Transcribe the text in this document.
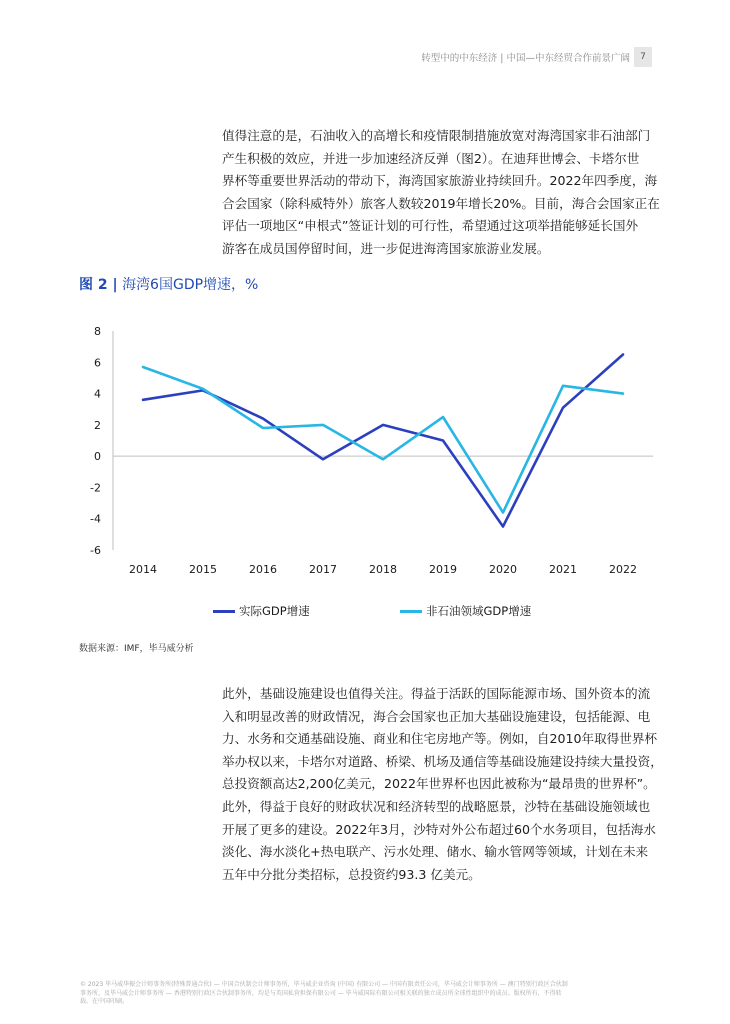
转型中的中东经济 | 中国—中东经贸合作前景广阔	7

值得注意的是，石油收入的高增长和疫情限制措施放宽对海湾国家非石油部门
产生积极的效应，并进一步加速经济反弹（图2）。在迪拜世博会、卡塔尔世
界杯等重要世界活动的带动下，海湾国家旅游业持续回升。2022年四季度，海
合会国家（除科威特外）旅客人数较2019年增长20%。目前，海合会国家正在
评估一项地区“申根式”签证计划的可行性，希望通过这项举措能够延长国外
游客在成员国停留时间，进一步促进海湾国家旅游业发展。

图 2 | 海湾6国GDP增速，%
8
6
4
2
0
-2
-4
-6
2014	2015	2016	2017	2018	2019	2020	2021	2022
实际GDP增速	非石油领域GDP增速
数据来源：IMF，毕马威分析

此外，基础设施建设也值得关注。得益于活跃的国际能源市场、国外资本的流
入和明显改善的财政情况，海合会国家也正加大基础设施建设，包括能源、电
力、水务和交通基础设施、商业和住宅房地产等。例如，自2010年取得世界杯
举办权以来，卡塔尔对道路、桥梁、机场及通信等基础设施建设持续大量投资，
总投资额高达2,200亿美元，2022年世界杯也因此被称为“最昂贵的世界杯”。
此外，得益于良好的财政状况和经济转型的战略愿景，沙特在基础设施领域也
开展了更多的建设。2022年3月，沙特对外公布超过60个水务项目，包括海水
淡化、海水淡化+热电联产、污水处理、储水、输水管网等领域，计划在未来
五年中分批分类招标，总投资约93.3 亿美元。

© 2023 毕马威华振会计师事务所(特殊普通合伙) — 中国合伙制会计师事务所，毕马威企业咨询 (中国) 有限公司 — 中国有限责任公司，毕马威会计师事务所 — 澳门特别行政区合伙制
事务所，及毕马威会计师事务所 — 香港特别行政区合伙制事务所，均是与英国私营担保有限公司 — 毕马威国际有限公司相关联的独立成员所全球性组织中的成员。版权所有，不得转
载。在中国印刷。
